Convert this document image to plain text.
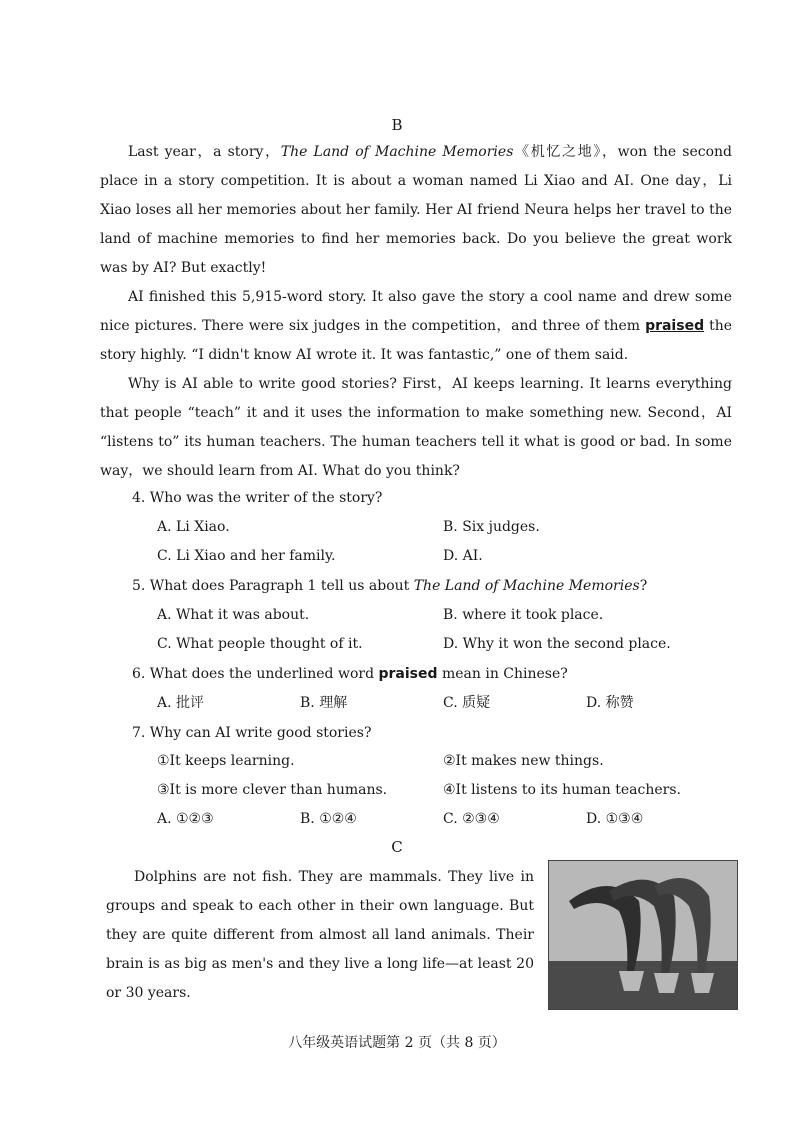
B

Last year，a story，The Land of Machine Memories《机忆之地》，won the second place in a story competition. It is about a woman named Li Xiao and AI. One day，Li Xiao loses all her memories about her family. Her AI friend Neura helps her travel to the land of machine memories to find her memories back. Do you believe the great work was by AI? But exactly!

AI finished this 5,915-word story. It also gave the story a cool name and drew some nice pictures. There were six judges in the competition，and three of them praised the story highly. “I didn't know AI wrote it. It was fantastic,” one of them said.

Why is AI able to write good stories? First，AI keeps learning. It learns everything that people “teach” it and it uses the information to make something new. Second，AI “listens to” its human teachers. The human teachers tell it what is good or bad. In some way，we should learn from AI. What do you think?

4. Who was the writer of the story?
A. Li Xiao.	B. Six judges.
C. Li Xiao and her family.	D. AI.
5. What does Paragraph 1 tell us about The Land of Machine Memories?
A. What it was about.	B. where it took place.
C. What people thought of it.	D. Why it won the second place.
6. What does the underlined word praised mean in Chinese?
A. 批评	B. 理解	C. 质疑	D. 称赞
7. Why can AI write good stories?
①It keeps learning.	②It makes new things.
③It is more clever than humans.	④It listens to its human teachers.
A. ①②③	B. ①②④	C. ②③④	D. ①③④
C

Dolphins are not fish. They are mammals. They live in groups and speak to each other in their own language. But they are quite different from almost all land animals. Their brain is as big as men's and they live a long life—at least 20 or 30 years.

八年级英语试题第 2 页（共 8 页）
